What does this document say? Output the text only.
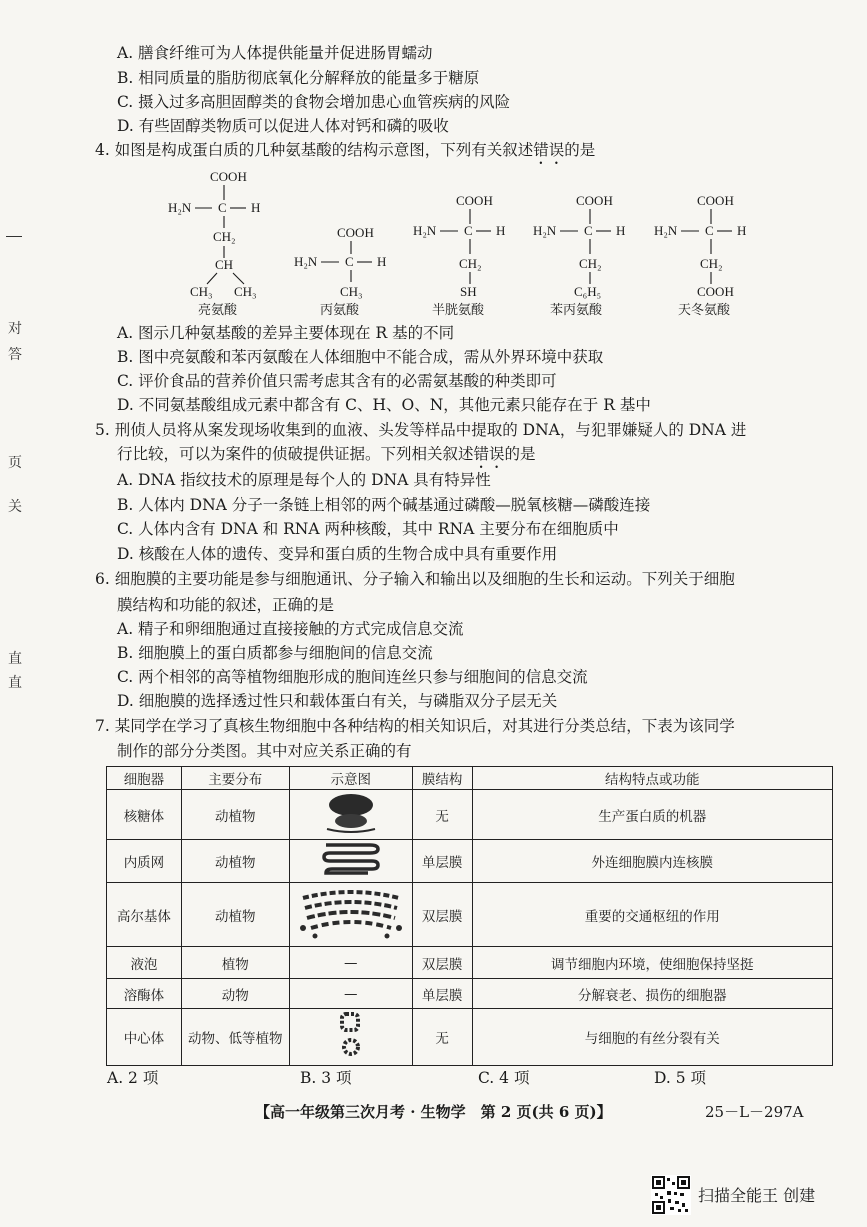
对
答
页
关
直
直
A. 膳食纤维可为人体提供能量并促进肠胃蠕动
B. 相同质量的脂肪彻底氧化分解释放的能量多于糖原
C. 摄入过多高胆固醇类的食物会增加患心血管疾病的风险
D. 有些固醇类物质可以促进人体对钙和磷的吸收
4. 如图是构成蛋白质的几种氨基酸的结构示意图，下列有关叙述错误的是
COOH
H₂N C H
CH₂
CH
CH₃ CH₃
亮氨酸
COOH
H₂N C H
CH₃
丙氨酸
COOH
H₂N C H
CH₂
SH
半胱氨酸
COOH
H₂N C H
CH₂
C₆H₅
苯丙氨酸
COOH
H₂N C H
CH₂
COOH
天冬氨酸
A. 图示几种氨基酸的差异主要体现在 R 基的不同
B. 图中亮氨酸和苯丙氨酸在人体细胞中不能合成，需从外界环境中获取
C. 评价食品的营养价值只需考虑其含有的必需氨基酸的种类即可
D. 不同氨基酸组成元素中都含有 C、H、O、N，其他元素只能存在于 R 基中
5. 刑侦人员将从案发现场收集到的血液、头发等样品中提取的 DNA，与犯罪嫌疑人的 DNA 进
行比较，可以为案件的侦破提供证据。下列相关叙述错误的是
A. DNA 指纹技术的原理是每个人的 DNA 具有特异性
B. 人体内 DNA 分子一条链上相邻的两个碱基通过磷酸—脱氧核糖—磷酸连接
C. 人体内含有 DNA 和 RNA 两种核酸，其中 RNA 主要分布在细胞质中
D. 核酸在人体的遗传、变异和蛋白质的生物合成中具有重要作用
6. 细胞膜的主要功能是参与细胞通讯、分子输入和输出以及细胞的生长和运动。下列关于细胞
膜结构和功能的叙述，正确的是
A. 精子和卵细胞通过直接接触的方式完成信息交流
B. 细胞膜上的蛋白质都参与细胞间的信息交流
C. 两个相邻的高等植物细胞形成的胞间连丝只参与细胞间的信息交流
D. 细胞膜的选择透过性只和载体蛋白有关，与磷脂双分子层无关
7. 某同学在学习了真核生物细胞中各种结构的相关知识后，对其进行分类总结，下表为该同学
制作的部分分类图。其中对应关系正确的有
细胞器	主要分布	示意图	膜结构	结构特点或功能
核糖体	动植物		无	生产蛋白质的机器
内质网	动植物		单层膜	外连细胞膜内连核膜
高尔基体	动植物		双层膜	重要的交通枢纽的作用
液泡	植物	—	双层膜	调节细胞内环境，使细胞保持坚挺
溶酶体	动物	—	单层膜	分解衰老、损伤的细胞器
中心体	动物、低等植物		无	与细胞的有丝分裂有关
A. 2 项	B. 3 项	C. 4 项	D. 5 项
【高一年级第三次月考 · 生物学　第 2 页(共 6 页)】	25－L－297A
扫描全能王 创建
